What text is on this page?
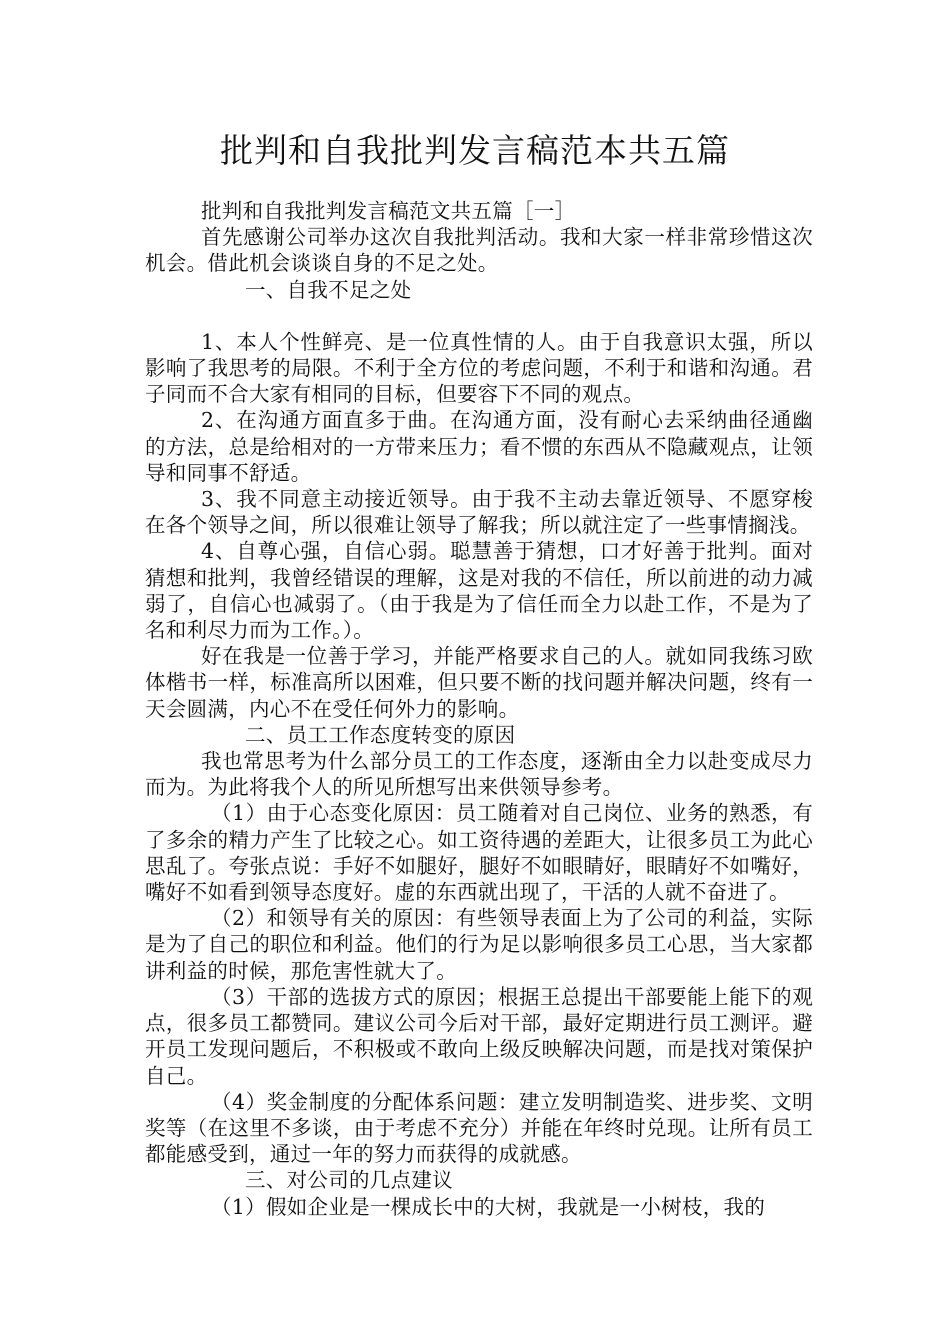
批判和自我批判发言稿范本共五篇

批判和自我批判发言稿范文共五篇［一］

首先感谢公司举办这次自我批判活动。我和大家一样非常珍惜这次机会。借此机会谈谈自身的不足之处。

一、自我不足之处

1、本人个性鲜亮、是一位真性情的人。由于自我意识太强，所以影响了我思考的局限。不利于全方位的考虑问题，不利于和谐和沟通。君子同而不合大家有相同的目标，但要容下不同的观点。

2、在沟通方面直多于曲。在沟通方面，没有耐心去采纳曲径通幽的方法，总是给相对的一方带来压力；看不惯的东西从不隐藏观点，让领导和同事不舒适。

3、我不同意主动接近领导。由于我不主动去靠近领导、不愿穿梭在各个领导之间，所以很难让领导了解我；所以就注定了一些事情搁浅。

4、自尊心强，自信心弱。聪慧善于猜想，口才好善于批判。面对猜想和批判，我曾经错误的理解，这是对我的不信任，所以前进的动力减弱了，自信心也减弱了。（由于我是为了信任而全力以赴工作，不是为了名和利尽力而为工作。）。

好在我是一位善于学习，并能严格要求自己的人。就如同我练习欧体楷书一样，标准高所以困难，但只要不断的找问题并解决问题，终有一天会圆满，内心不在受任何外力的影响。

二、员工工作态度转变的原因

我也常思考为什么部分员工的工作态度，逐渐由全力以赴变成尽力而为。为此将我个人的所见所想写出来供领导参考。

（1）由于心态变化原因：员工随着对自己岗位、业务的熟悉，有了多余的精力产生了比较之心。如工资待遇的差距大，让很多员工为此心思乱了。夸张点说：手好不如腿好，腿好不如眼睛好，眼睛好不如嘴好，嘴好不如看到领导态度好。虚的东西就出现了，干活的人就不奋进了。

（2）和领导有关的原因：有些领导表面上为了公司的利益，实际是为了自己的职位和利益。他们的行为足以影响很多员工心思，当大家都讲利益的时候，那危害性就大了。

（3）干部的选拔方式的原因；根据王总提出干部要能上能下的观点，很多员工都赞同。建议公司今后对干部，最好定期进行员工测评。避开员工发现问题后，不积极或不敢向上级反映解决问题，而是找对策保护自己。

（4）奖金制度的分配体系问题：建立发明制造奖、进步奖、文明奖等（在这里不多谈，由于考虑不充分）并能在年终时兑现。让所有员工都能感受到，通过一年的努力而获得的成就感。

三、对公司的几点建议

（1）假如企业是一棵成长中的大树，我就是一小树枝，我的
